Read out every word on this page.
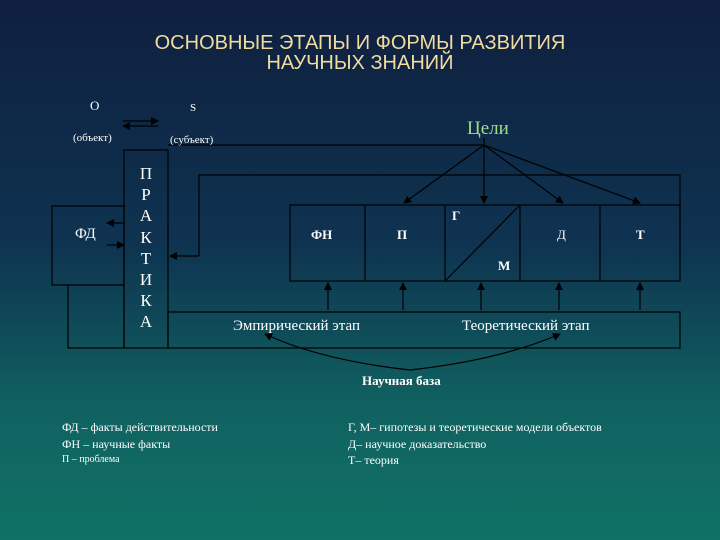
ОСНОВНЫЕ ЭТАПЫ И ФОРМЫ РАЗВИТИЯ
НАУЧНЫХ ЗНАНИЙ
О
(объект)
S
(субъект)
Цели
ФД
П
Р
А
К
Т
И
К
А
ФН	П
Г
М
Д	Т
Эмпирический этап	Теоретический этап
Научная база
ФД – факты действительности
ФН – научные факты
П – проблема
Г, М– гипотезы и теоретические модели объектов
Д– научное доказательство
Т– теория
